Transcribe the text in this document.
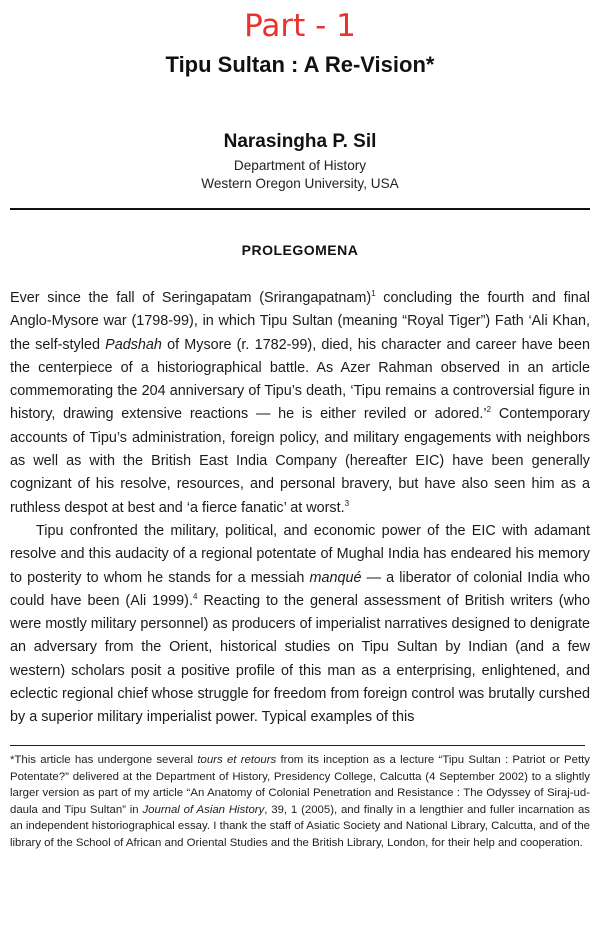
Part - 1
Tipu Sultan : A Re-Vision*
Narasingha P. Sil
Department of History
Western Oregon University, USA
PROLEGOMENA

Ever since the fall of Seringapatam (Srirangapatnam)$^1$ concluding the fourth and final Anglo-Mysore war (1798-99), in which Tipu Sultan (meaning “Royal Tiger”) Fath ‘Ali Khan, the self-styled Padshah of Mysore (r. 1782-99), died, his character and career have been the centerpiece of a historiographical battle. As Azer Rahman observed in an article commemorating the 204 anniversary of Tipu’s death, ‘Tipu remains a controversial figure in history, drawing extensive reactions — he is either reviled or adored.’$^2$ Contemporary accounts of Tipu’s administration, foreign policy, and military engagements with neighbors as well as with the British East India Company (hereafter EIC) have been generally cognizant of his resolve, resources, and personal bravery, but have also seen him as a ruthless despot at best and ‘a fierce fanatic’ at worst.$^3$

Tipu confronted the military, political, and economic power of the EIC with adamant resolve and this audacity of a regional potentate of Mughal India has endeared his memory to posterity to whom he stands for a messiah manqué — a liberator of colonial India who could have been (Ali 1999).$^4$ Reacting to the general assessment of British writers (who were mostly military personnel) as producers of imperialist narratives designed to denigrate an adversary from the Orient, historical studies on Tipu Sultan by Indian (and a few western) scholars posit a positive profile of this man as a enterprising, enlightened, and eclectic regional chief whose struggle for freedom from foreign control was brutally curshed by a superior military imperialist power. Typical examples of this

*This article has undergone several tours et retours from its inception as a lecture “Tipu Sultan : Patriot or Petty Potentate?” delivered at the Department of History, Presidency College, Calcutta (4 September 2002) to a slightly larger version as part of my article “An Anatomy of Colonial Penetration and Resistance : The Odyssey of Siraj-ud-daula and Tipu Sultan” in Journal of Asian History, 39, 1 (2005), and finally in a lengthier and fuller incarnation as an independent historiographical essay. I thank the staff of Asiatic Society and National Library, Calcutta, and of the library of the School of African and Oriental Studies and the British Library, London, for their help and cooperation.
